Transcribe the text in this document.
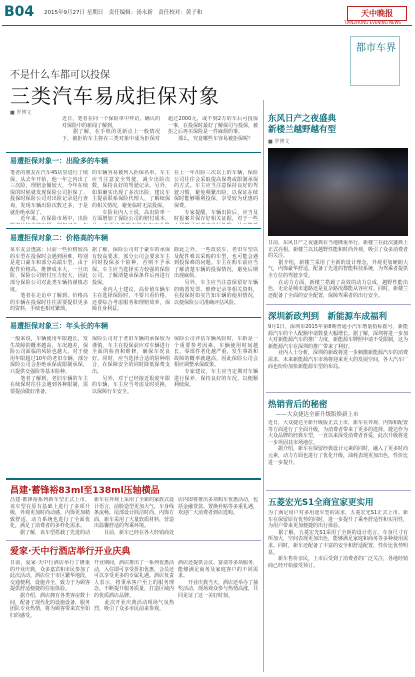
B04 2015年9月27日 星期日　责任编辑：汤永新　责任校对：黄子和	天中晚报
TIANZHONG EVENING NEWS
都市车界
不是什么车都可以投保
三类汽车易成拒保对象
■ 罗博文
近日，笔者在同一个保险单中拜访，确认的对保险中的新闻了解到，
　　据了解，在手机的更新点上一般情况下，被拒的车主将在三类对象中成为拒保对
超过2000元，或不到2万的车后可投保一事，在投保时最好了解保司与投保，被拒之后再买保险是一件麻烦的事。
　　那么，究竟哪些车容易被拒保呢？
易遭拒保对象一：出险多的车辆
笔者的朋友在汽车4S店里进行了续保，从去年开始，他一年之内出了三次险，理赔金额较大，今年在续保的时候就发现保险公司拒保了。投保时保险公司对出险记录进行查询，发现车辆出险次数过多，于是就拒绝承保了。
　　近年来，在保险市场中，出险
的车辆容易被列入拒保名单，车主应当注意安全驾驶，减少出险次数，保持良好的驾驶记录。另外，如果确实出现了多次出险，建议车主提前联系保险代理人，了解续保的相关情况，避免临时无法投保。
　　车险业内人士说，高出险率一方面增加了保险公司的赔付成本，
在上一年出险三次以上的车辆，保险公司往往会采取提高保费或限制承保的方式。车主应当注意保持良好的驾驶习惯，避免频繁出险，以保证在续保时能够顺利投保，享受较为优惠的保费。
　　专家提醒，车辆出险后，应当及时报案并保存好相关证据，对于一些
易遭拒保对象二：价格高的车辆
某车友会透露：目前一些价格较高的车型在投保时会遇到困难，特别是进口豪车和部分高端车型，由于配件价格高、维修成本大，一旦出险，保险公司赔付压力较大，因此部分保险公司对此类车辆持谨慎态度。
　　笔者在走访中了解到，价格高的车辆在投保时往往需要提供更多的资料，手续也相对繁琐。
据了解，保险公司对于豪车的承保有较高要求，部分公司会要求车主同时投保多个险种，否则不予承保。车主应当选择实力较强的保险公司，了解清楚承保条件后再进行投保。
　　业内人士建议，高价值车辆车主在选择保险时，不要只看价格，还要综合考虑服务和理赔效率，保障自身利益。
除此之外，一些改装车、老旧车型以及配件难以采购的车型，也可能会遇到投保难的问题。车主在购车前应当了解清楚车辆的投保情况，避免后期出现麻烦。
　　另外，车主应当注意保留好车辆的购置发票、维修记录等相关资料，在投保时如实告知车辆的使用情况，以便保险公司准确评估风险。
易遭拒保对象三：年头长的车辆
一般来说，车辆使用年限越长，发生故障的概率越高，车况越差，保险公司面临的风险也越大。对于使用年限超过10年的老旧车辆，部分保险公司会拒绝承保或限制承保，只提供交强险等基本险种。
　　笔者了解到，老旧车辆的车主在续保时往往会遇到各种限制，需要提前做好准备。
保险公司对于老旧车辆的承保较为谨慎，车主在投保前应对车辆进行全面的检查和维修，确保车况良好。同时，应当选择合适的险种组合，在保障安全的同时降低保费支出。
　　另外，对于已经接近报废年限的车辆，车主应当考虑及时更换，以保障行车安全。
保险公司评估车辆风险时，车龄是一个重要参考因素。车辆使用时间越长，零部件老化越严重，发生事故和故障的概率就越高，因此保险公司会相应调整承保政策。
　　专家建议，车主应当定期对车辆进行保养，保持良好的车况，以便顺利续保。
昌建·蓄锋裕83ml至138ml压轴横品
昌建·蓄锋裕系列新车型正式上市，该车型在原有基础上进行了多项升级，外观更加时尚动感，内饰更加精致舒适，动力系统也进行了全面优化，满足了消费者的多样化需求。
　　据了解，该车型搭载了先进的动
新车在外观上采用了全新的家族式设计语言，前脸造型更加大气，车身线条流畅，尾部设计简洁时尚。内饰方面，新车采用了大量软质材料，营造出温馨舒适的驾乘环境。
　　目前，新车已经在各大经销商处
店内即将推出多项购车优惠活动，包括金融贷款、置换补贴等多重礼遇，欢迎广大消费者到店选购。
爱家·天中行酒店举行开业庆典
日前，爱家·天中行酒店举行了隆重的开业庆典，众多嘉宾和市民参加了此次活动。酒店位于市区繁华地段，交通便利，设施齐全，致力于为顾客提供舒适便捷的住宿体验。
　　据介绍，酒店拥有各类客房数十间，配备了现代化的设施设备，服务团队专业热情，将为顾客带来宾至如归的感受。
开业期间，酒店推出了一系列优惠活动，入住即可享受折扣优惠，会员还可以享受更多的专属礼遇。酒店负责人表示，将秉承客户至上的服务理念，不断提升服务质量，打造区域内的优质酒店品牌。
　　此次开业庆典活动现场气氛热烈，吸引了众多市民前来参观。
酒店还提供会议、宴请等多项服务，能够满足商务及家庭客户的不同需求。
　　开业庆典当天，酒店还举办了抽奖活动，现场观众参与热情高涨，共同见证了这一美好时刻。
东风日产之夜盛典
新楼兰越野越有型
■ 罗博文
日前，东风日产之夜盛典在当地隆重举行，新楼兰在此次盛典上正式亮相。新楼兰以其越野性能和时尚外观，吸引了众多消费者的关注。
　　据介绍，新楼兰采用了全新的设计理念，外观更加硬朗大气，内饰豪华舒适，配备了先进的智能科技系统，为驾乘者提供全方位的驾驶享受。
　　在动力方面，新楼兰搭载了高效的动力总成，越野性能出色，无论是城市道路还是复杂路况都能从容应对。同时，新楼兰还配备了全面的安全配置，保障驾乘者的出行安全。
深圳新政判到　新能源车成福利
9月1日，深圳市2015年第8期普通小汽车增量指标摇号，新能源汽车的个人配额申请数量大幅增长。据了解，深圳将进一步加大对新能源汽车的推广力度，新能源车牌照申请不受限制，这为新能源汽车在深圳的推广带来了利好。
　　业内人士分析，深圳的新政将进一步刺激新能源汽车的消费需求，未来新能源汽车市场将迎来更大的发展空间，各大汽车厂商也纷纷加快新能源车型的布局。
热销背后的秘密
——大众捷达全新升级版焕新上市
近日，大众捷达全新升级版正式上市，新车在外观、内饰和配置等方面进行了全面升级，为消费者带来了更多的选择。捷达作为大众品牌的经典车型，一直以来深受消费者喜爱，此次升级将进一步巩固其市场地位。
　　据介绍，新车在保留经典设计元素的同时，融入了更多时尚元素，动力方面也进行了优化升级，油耗表现更加出色，性价比进一步提升。
五菱宏光S1全商宣家更实用
为了满足用户对多用途车型的需求，五菱宏光S1正式上市。新车在保留原有优势的同时，进一步提升了乘坐舒适性和实用性，为用户带来更加便捷的出行体验。
　　据了解，五菱宏光S1采用了全新的设计语言，车身尺寸有所加大，空间表现更加出色，能够满足家庭和商务等多种使用需求。同时，新车还配备了丰富的安全和舒适配置，性价比优势明显。
　　新车售价亲民，上市后受到了消费者的广泛关注，各地经销商已经开始接受预订。
